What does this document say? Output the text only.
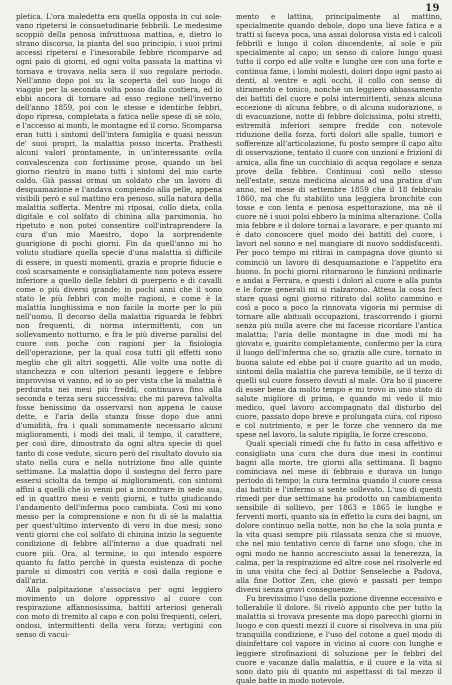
19

pletica. L'ora maledetta era quella opposta in cui sole-vano ripetersi le consuetudinarie febbrili. Le medesime scoppiò della penosa infruttuosa mattina, e, dietro lo strano discorso, la pianta del suo principio, i suoi primi accessi ripetersi e l'inesorabile febbre ricomparve ad ogni paio di giorni, ed ogni volta passata la mattina vi tornava e trovava nella sera il suo regolare periodo. Nell'anno dopo poi su la scoperta del suo luogo di viaggio per la seconda volta posso dalla costiera, ed io ebbi ancora di tornare ad esso regione nell'inverno dell'anno 1859, poi con le stesse e identiche febbri, dopo ripresa, completata a fatica nelle spese di sè solo, e l'accesso ai monti, le montagne ed il corso. Scomparsa eran tutti i sintomi dell'intera famiglia e quasi nessun de' suoi propri, la malattia posso incerta. Prathesti alcuni valori prontamente, in un'interessante ovila convalescenza con fortissime prose, quando un bel giorno rientrò in mano tutti i sintomi del mio carte caldo. Già passai ormai un soldato che un lavoro di desquamazione e l'andava compiendo alla pelle, appena visibili però e sul mattino era penoso, sulla natura della malattia sofferta. Mentre mi riposai, collo dieta, colla digitale e col solfato di chinina alla parsimonia, ho ripetuto e non potei consentire coll'intraprendere la cura d'un mio Maestro, dopo la sorprendente guarigione di pochi giorni. Fin da quell'anno mi ho voluto studiare quella specie d'una malattia sì difficile di essere, in questi momenti, grazia e proprie fiducie e così scarsamente e consigliatamente non poteva essere inferiore a quello delle febbri di puerperio e di cavalli come o più diversi grande; in pochi anni che il sono stato le più febbri con molte ragioni, e come è la malattia lunghissima e non facile la morte per lo più nell'uomo. Il decorso della malattia riguarda le febbri non frequenti, di norma intermittenti, con un sollevamento notturno, e fra le più diverse paralisi del cuore con poche con ragioni per la fisiologia dell'operazione, per la qual cosa tutti gli effetti sono meglio che gli altri soggetti. Alle volte una notte di stanchezza e con ulteriori pesanti leggere e febbre improvvisa vi vanno, ed io so per vista che la malattia è perdurata nei mesi più freddi, continuava fino alla seconda e terza sera successiva: che mi pareva talvolta fosse benissimo da osservarsi non appena le cause dette, e l'aria della stanza fosse dopo due anni d'umidità, fra i quali sommamente necessario alcuni miglioramenti, i modi dei mali, il tempo, il carattere, per così dire, dimostrato da ogni altra specie di quel tanto di cose vedute, sicuro però del risultato dovuto sia stato nella cura e nella nutrizione fino alle quinte settimane. La malattia dopo il sostegno del ferro pare essersi sciolta da tempo ai miglioramenti, con sintomi affini a quelli che io venni poi a incontrare in sede sua, ed in quattro mesi e venti giorni, e tutto giudicando l'andamento dell'inferma poco cambiata. Così mi sono messo per la comprensione e non fu di sè la malattia per quest'ultimo intervento di vero in due mesi; sono venti giorni che col solfato di chinina inizio la seguente condizione di febbre all'interno a due quadrati nel cuore più. Ora, al termine, io qui intendo esporre quanto fu fatto perchè in questa esistenza di poche parole si dimostri con verità e così dalla regione e dall'aria.

Alla palpitazione s'associava per ogni leggiero movimento un dolore oppressivo al cuore con respirazione affannosissima, battiti arteriosi generali con moto di tremito al capo e con polsi frequenti, celeri, ondosi, intermittenti della vera forza; vertigini con senso di vacui-

mento e lattina, principalmente al mattino, specialmente quando debole, dopo una lieve fatica e a tratti si faceva poca, una assai dolorosa vista ed i calcoli febbrili e lungo il colon discendente, al sole e più specialmente al capo; un senso di calore lungo quasi tutto il corpo ed alle volte e lunghe ore con una forte e continua fame, i lombi molesti, dolori dopo ogni pasto ai denti, al ventre e agli occhi, il collo con senso di stiramento e tonico, nonchè un leggiero abbassamento dei battiti del cuore e polsi intermittenti, senza alcuna eccezione di alcuna febbre, o di alcuna sudorazione, o di evacuazione, notte di febbre dolcissima, polsi stretti, estremità inferiori sempre fredde con notevole riduzione della forza, forti dolori alle spalle, tumori e sofferenze all'articolazione, fu posto sempre il capo alto di osservazione, tentato il cuore con unzioni e frizioni di arnica, alla fine un cucchiaio di acqua regolare e senza prove della febbre. Continuai così nello stesso nell'estate, senza medicina alcuna ad una pratica d'un anno, nel mese di settembre 1859 che il 18 febbraio 1860, ma che fu stabilito una leggiera bronchite con tosse e con lenta e penosa espettorazione, ma nè il cuore nè i suoi polsi ebbero la minima alterazione. Colla mia febbre e il dolore tornai a lavorare, e per quanto mi è dato conoscere quel modo dei battiti del cuore, i lavori nel sonno e nel mangiare di nuovo soddisfacenti. Per poco tempo mi ritirai in campagna dove giunto si cominciò un lavoro di desquamazione e l'appetito era buono. In pochi giorni ritornarono le funzioni ordinarie e andai a Ferrara, e questi i dolori al cuore e alla punta e le forze generali mi si rialzarono. Attesa la cosa feci stare quasi ogni giorno ritirato dal solito cammino e così a poco a poco la rinnovata vigoria mi permise di tornare alle abituali occupazioni, trascorrendo i giorni senza più nulla avere che mi facesse ricordare l'antica malattia; l'aria delle montagne in due modi mi ha giovato e, guarito completamente, confermo per la cura il luogo dell'inferma che so, grazia alle cure, tornato in buona salute ed ebbe poi il cuore guarito ad un modo, sintomi della malattia che pareva temibile, se il terzo di quelli sul cuore fossero dovuti al male. Ora ho il piacere di esser bene da molto tempo e mi trovo in uno stato di salute migliore di prima, e quando mi vedo il mio medico, quel lavoro accompagnato dal disturbo del cuore, passato dopo breve e prolungata cura, col riposo e col nutrimento, e per le forze che vennero da me spese nel lavoro, la salute ripiglia, le forze crescono.

Quali speciali rimedi che fu fatto in casa affettivo e consigliato una cura che dura due mesi in continui bagni alla morte, tre giorni alla settimana. Il bagno cominciava nel mese di febbraio e durava un lungo periodo di tempo; la cura termina quando il cuore cessa dai battiti e l'infermo si sente sollevato. L'uso di questi rimedi per due settimane ha prodotto un cambiamento sensibile di sollievo, per 1863 e 1865 le lunghe e ferventi morti, quanto sia in effetto la cura dei bagni, un dolore continuo nella notte, non ho che la sola punta e la vita quasi sempre più rilassata senza che si muove, che nel mio tentativo cerco di farne uno sfogo, che in ogni modo ne hanno accresciuto assai la tenerezza, la calma, per la respirazione ed altre cose nel risolverle ed in una visita che feci al Dottor Senseleche a Padova, alla fine Dottor Zen, che giovò e passati per tempo diversi senza gravi conseguenze.

Fu brevissimo l'uso della pozione divenne eccessivo e tollerabile il dolore. Si rivelò appunto che per tutto la malattia si trovava presente ma dopo parecchi giorni in luogo e con questi mezzi il cuore si risolveva in una più tranquilla condizione, e l'uso del cotone a quel modo di disinfettare col vapore in vicino al cuore con lunghe e leggiere strofinazioni di soluzione per le febbri del cuore e vacanze dalla malattia, e il cuore e la vita si sono dato più di quanto mi aspettassi di tal mezzo il quale batte in modo notevole.
